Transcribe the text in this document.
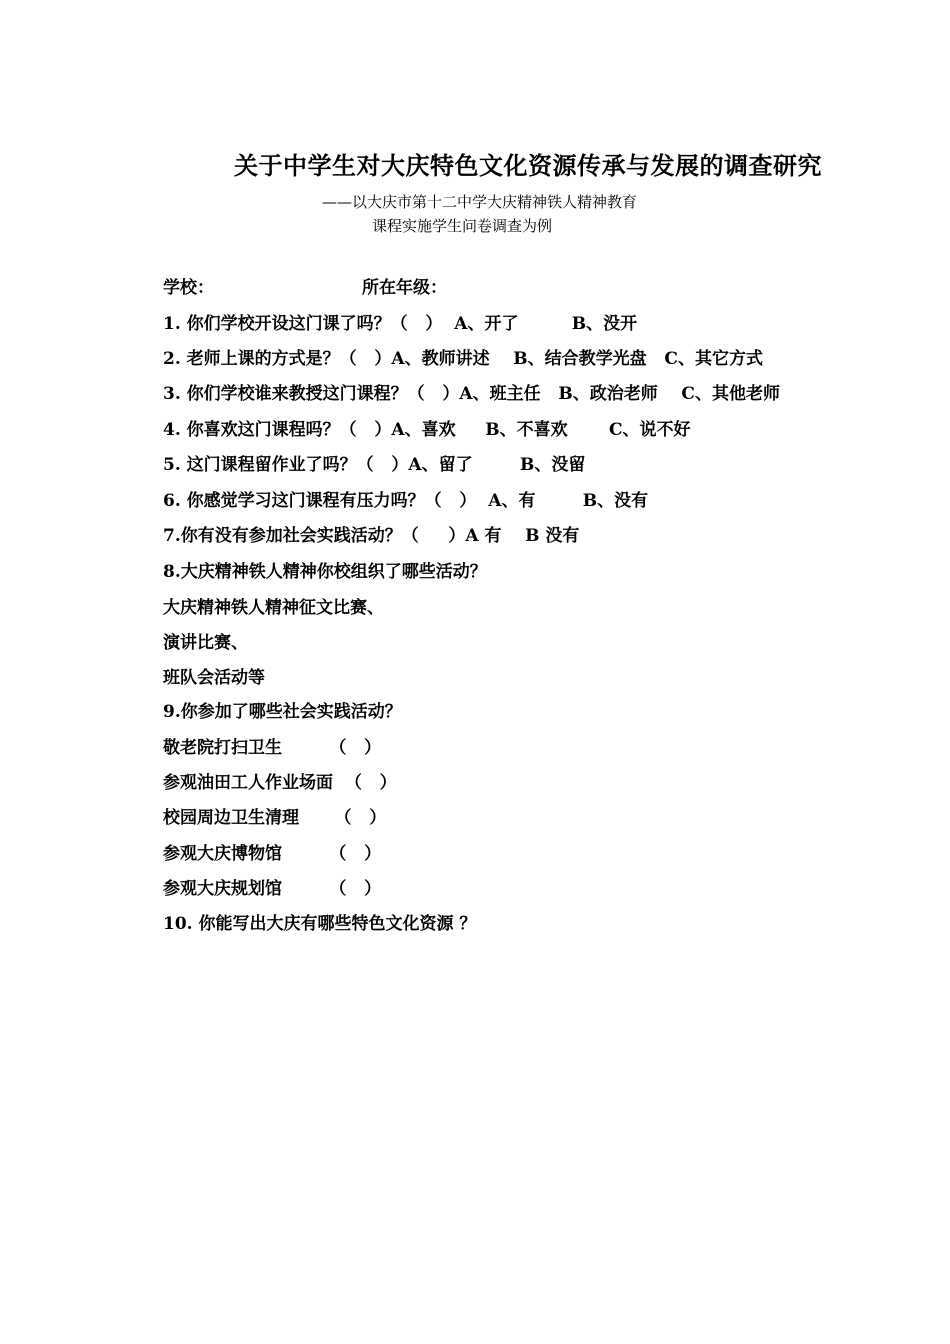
关于中学生对大庆特色文化资源传承与发展的调查研究
——以大庆市第十二中学大庆精神铁人精神教育
课程实施学生问卷调查为例
学校：                         所在年级：
1. 你们学校开设这门课了吗？（   ）  A、开了         B、没开
2. 老师上课的方式是？（   ）A、教师讲述    B、结合教学光盘   C、其它方式
3. 你们学校谁来教授这门课程？（   ）A、班主任   B、政治老师    C、其他老师
4. 你喜欢这门课程吗？（   ）A、喜欢     B、不喜欢       C、说不好
5. 这门课程留作业了吗？（   ）A、留了        B、没留
6. 你感觉学习这门课程有压力吗？（   ）  A、有        B、没有
7.你有没有参加社会实践活动？（     ）A 有    B 没有
8.大庆精神铁人精神你校组织了哪些活动？
大庆精神铁人精神征文比赛、
演讲比赛、
班队会活动等
9.你参加了哪些社会实践活动？
敬老院打扫卫生        （   ）
参观油田工人作业场面  （   ）
校园周边卫生清理      （   ）
参观大庆博物馆        （   ）
参观大庆规划馆        （   ）
10. 你能写出大庆有哪些特色文化资源 ？
